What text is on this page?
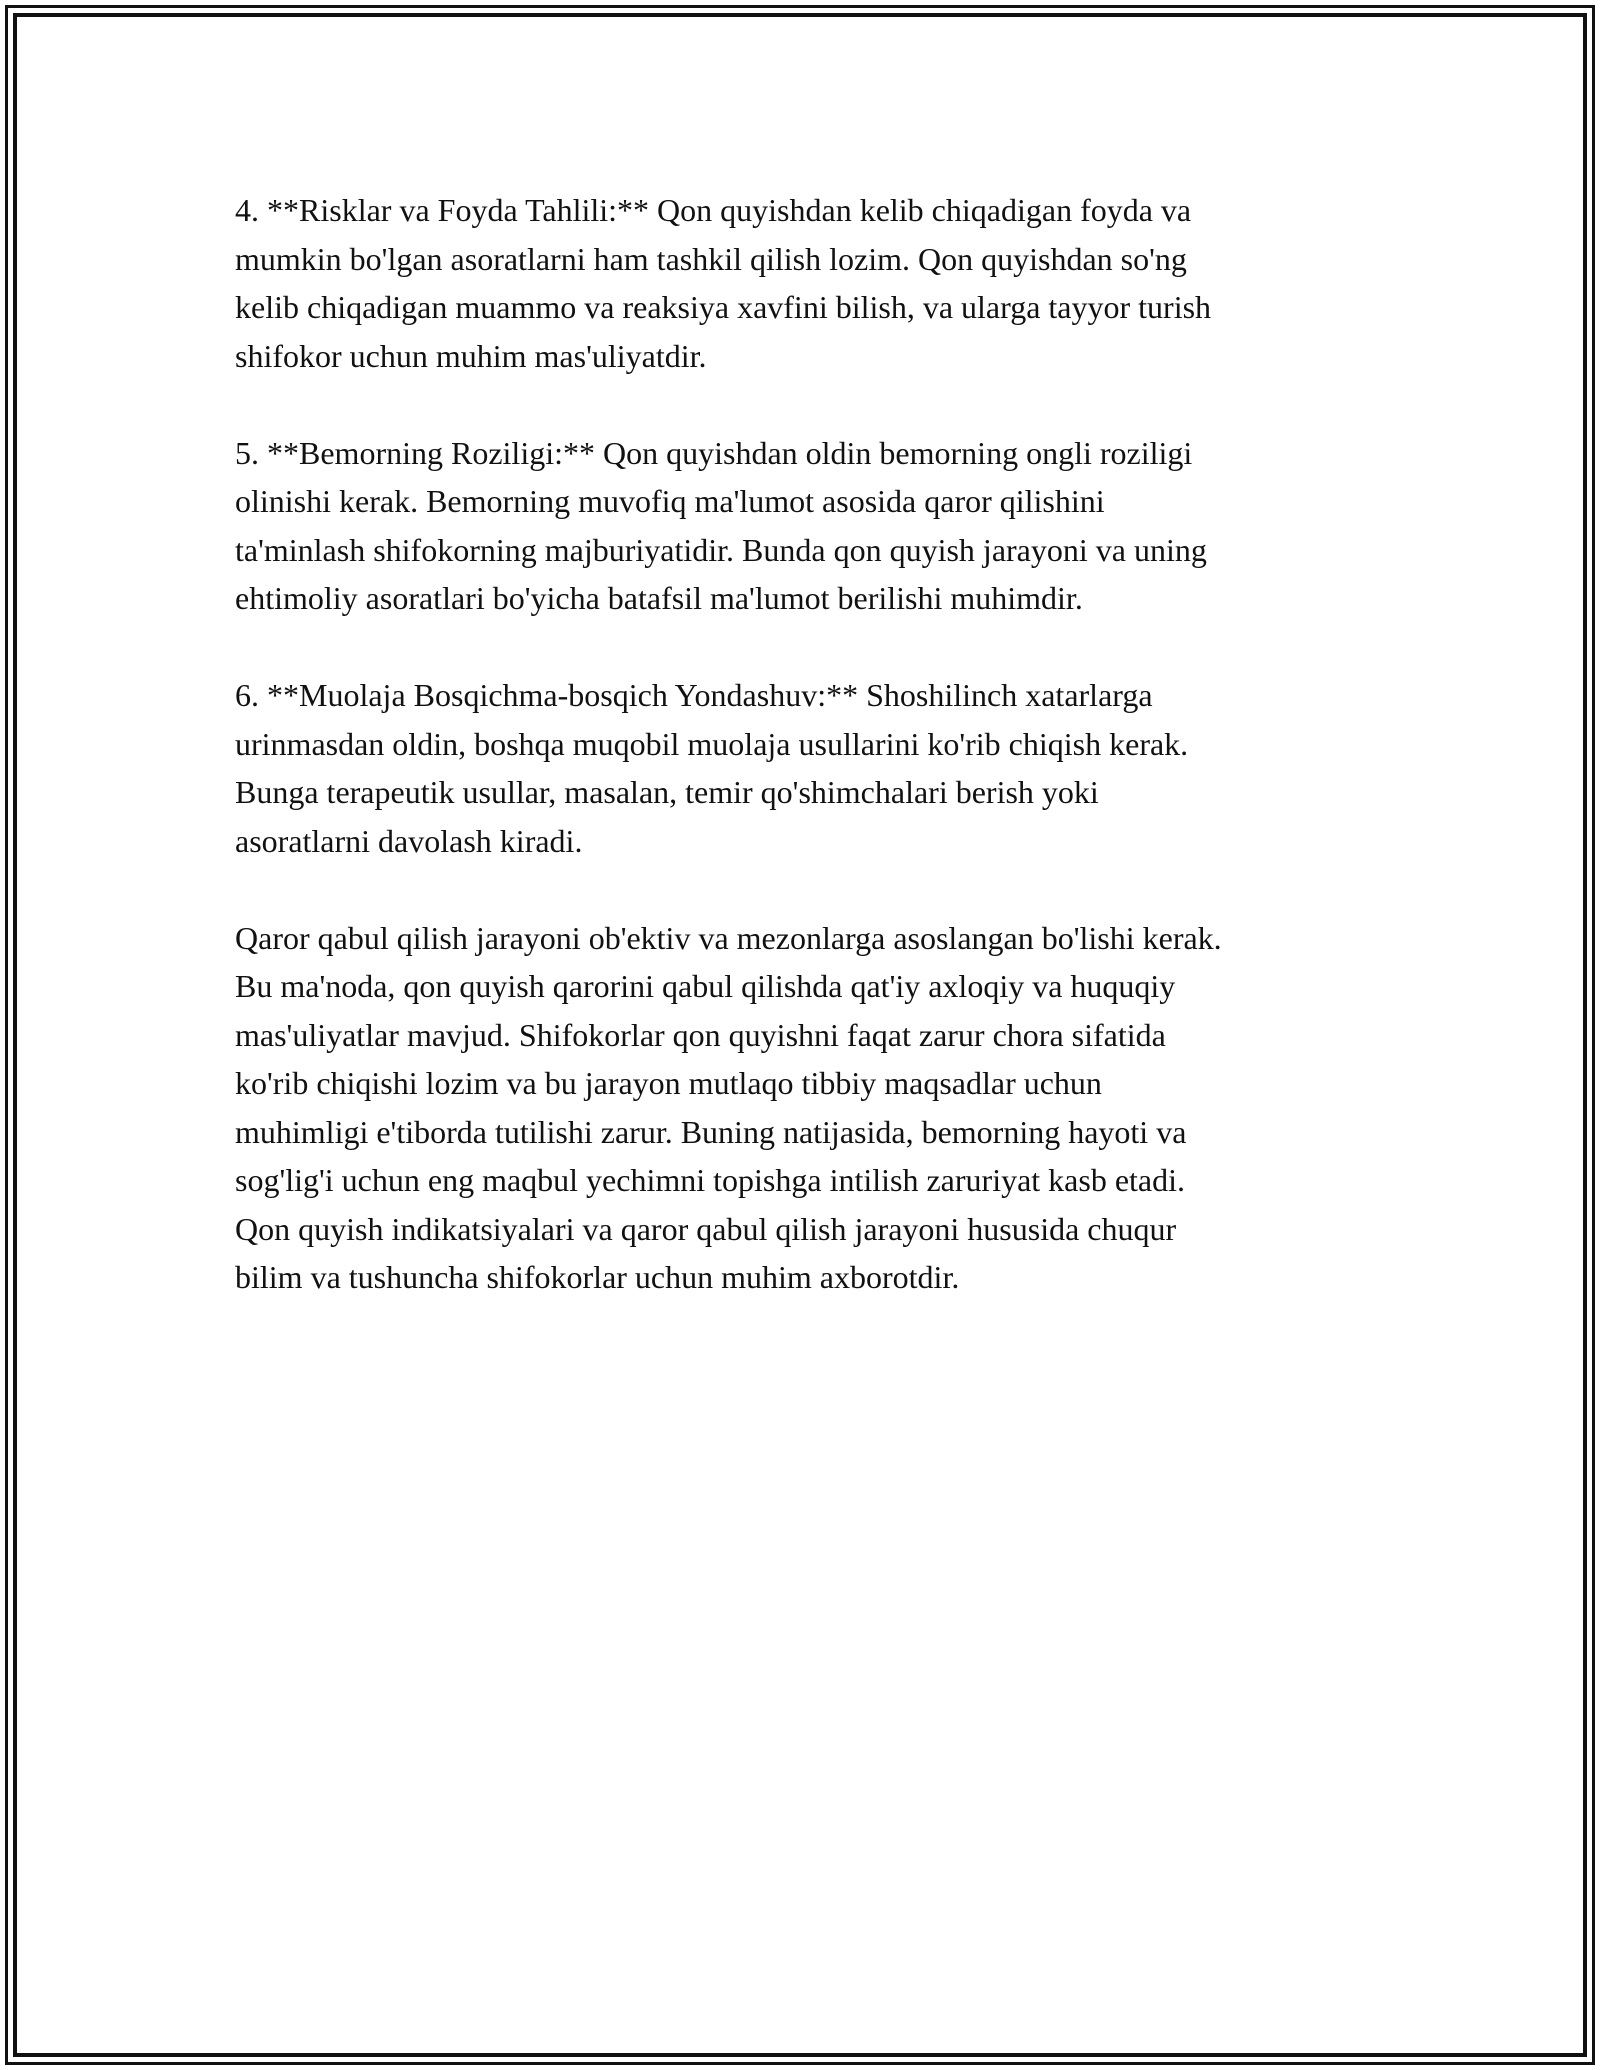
4. **Risklar va Foyda Tahlili:** Qon quyishdan kelib chiqadigan foyda va
mumkin bo'lgan asoratlarni ham tashkil qilish lozim. Qon quyishdan so'ng
kelib chiqadigan muammo va reaksiya xavfini bilish, va ularga tayyor turish
shifokor uchun muhim mas'uliyatdir.

5. **Bemorning Roziligi:** Qon quyishdan oldin bemorning ongli roziligi
olinishi kerak. Bemorning muvofiq ma'lumot asosida qaror qilishini
ta'minlash shifokorning majburiyatidir. Bunda qon quyish jarayoni va uning
ehtimoliy asoratlari bo'yicha batafsil ma'lumot berilishi muhimdir.

6. **Muolaja Bosqichma-bosqich Yondashuv:** Shoshilinch xatarlarga
urinmasdan oldin, boshqa muqobil muolaja usullarini ko'rib chiqish kerak.
Bunga terapeutik usullar, masalan, temir qo'shimchalari berish yoki
asoratlarni davolash kiradi.

Qaror qabul qilish jarayoni ob'ektiv va mezonlarga asoslangan bo'lishi kerak.
Bu ma'noda, qon quyish qarorini qabul qilishda qat'iy axloqiy va huquqiy
mas'uliyatlar mavjud. Shifokorlar qon quyishni faqat zarur chora sifatida
ko'rib chiqishi lozim va bu jarayon mutlaqo tibbiy maqsadlar uchun
muhimligi e'tiborda tutilishi zarur. Buning natijasida, bemorning hayoti va
sog'lig'i uchun eng maqbul yechimni topishga intilish zaruriyat kasb etadi.
Qon quyish indikatsiyalari va qaror qabul qilish jarayoni hususida chuqur
bilim va tushuncha shifokorlar uchun muhim axborotdir.
